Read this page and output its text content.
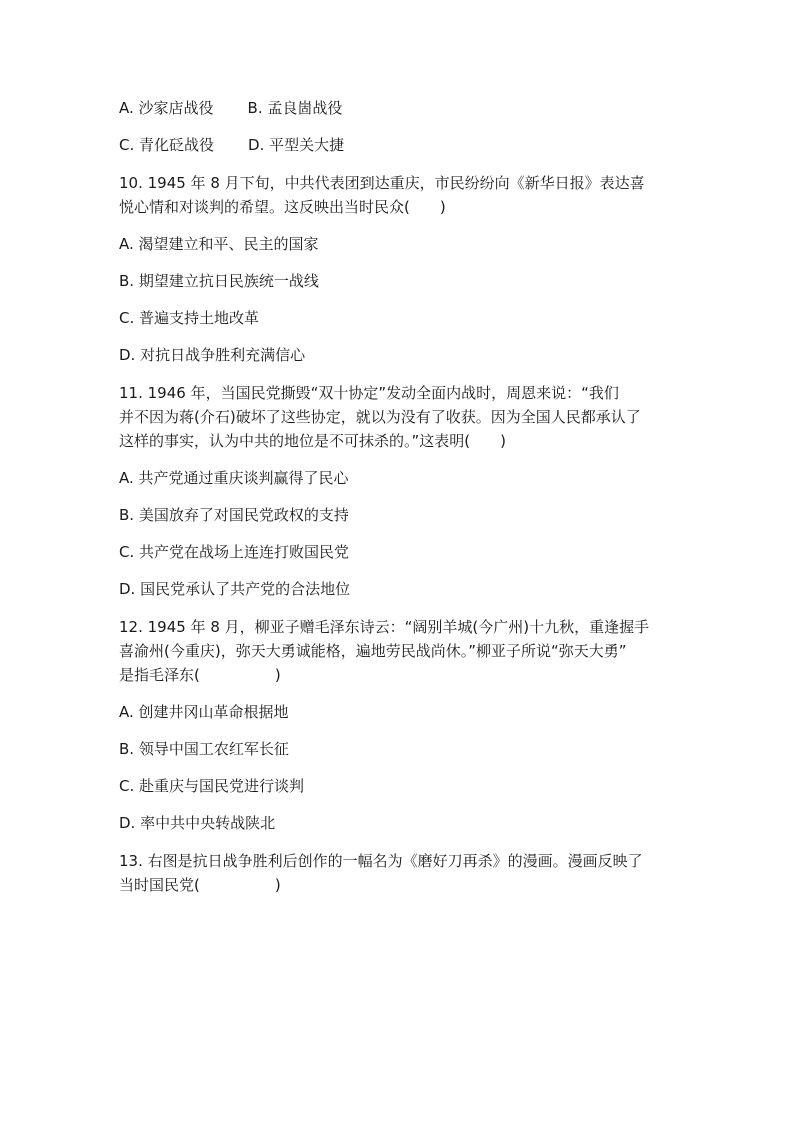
A. 沙家店战役 B. 孟良崮战役
C. 青化砭战役 D. 平型关大捷
10. 1945 年 8 月下旬，中共代表团到达重庆，市民纷纷向《新华日报》表达喜
悦心情和对谈判的希望。这反映出当时民众(　　)
A. 渴望建立和平、民主的国家
B. 期望建立抗日民族统一战线
C. 普遍支持土地改革
D. 对抗日战争胜利充满信心
11. 1946 年，当国民党撕毁“双十协定”发动全面内战时，周恩来说：“我们
并不因为蒋(介石)破坏了这些协定，就以为没有了收获。因为全国人民都承认了
这样的事实，认为中共的地位是不可抹杀的。”这表明(　　)
A. 共产党通过重庆谈判赢得了民心
B. 美国放弃了对国民党政权的支持
C. 共产党在战场上连连打败国民党
D. 国民党承认了共产党的合法地位
12. 1945 年 8 月，柳亚子赠毛泽东诗云：“阔别羊城(今广州)十九秋，重逢握手
喜渝州(今重庆)，弥天大勇诚能格，遍地劳民战尚休。”柳亚子所说“弥天大勇”
是指毛泽东(　　　　　)
A. 创建井冈山革命根据地
B. 领导中国工农红军长征
C. 赴重庆与国民党进行谈判
D. 率中共中央转战陕北
13. 右图是抗日战争胜利后创作的一幅名为《磨好刀再杀》的漫画。漫画反映了
当时国民党(　　　　　)
